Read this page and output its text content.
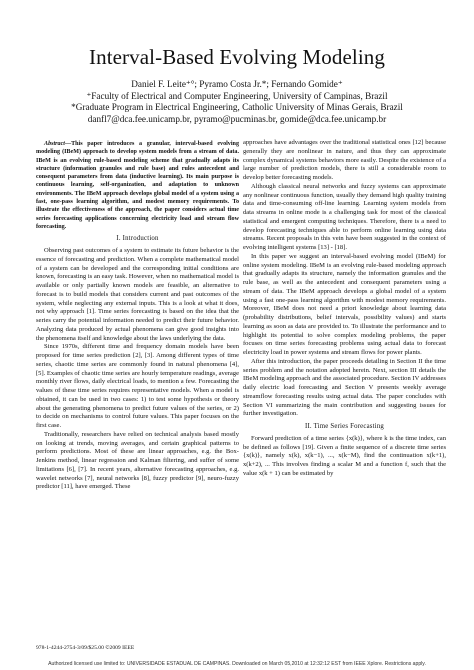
Interval-Based Evolving Modeling
Daniel F. Leite⁺°; Pyramo Costa Jr.*; Fernando Gomide⁺
⁺Faculty of Electrical and Computer Engineering, University of Campinas, Brazil
*Graduate Program in Electrical Engineering, Catholic University of Minas Gerais, Brazil
danfl7@dca.fee.unicamp.br, pyramo@pucminas.br, gomide@dca.fee.unicamp.br

Abstract—This paper introduces a granular, interval-based evolving modeling (IBeM) approach to develop system models from a stream of data. IBeM is an evolving rule-based modeling scheme that gradually adapts its structure (information granules and rule base) and rules antecedent and consequent parameters from data (inductive learning). Its main purpose is continuous learning, self-organization, and adaptation to unknown environments. The IBeM approach develops global model of a system using a fast, one-pass learning algorithm, and modest memory requirements. To illustrate the effectiveness of the approach, the paper considers actual time series forecasting applications concerning electricity load and stream flow forecasting.

I. Introduction

Observing past outcomes of a system to estimate its future behavior is the essence of forecasting and prediction. When a complete mathematical model of a system can be developed and the corresponding initial conditions are known, forecasting is an easy task. However, when no mathematical model is available or only partially known models are feasible, an alternative to forecast is to build models that considers current and past outcomes of the system, while neglecting any external inputs. This is a look at what it does, not why approach [1]. Time series forecasting is based on the idea that the series carry the potential information needed to predict their future behavior. Analyzing data produced by actual phenomena can give good insights into the phenomena itself and knowledge about the laws underlying the data.

Since 1970s, different time and frequency domain models have been proposed for time series prediction [2], [3]. Among different types of time series, chaotic time series are commonly found in natural phenomena [4], [5]. Examples of chaotic time series are hourly temperature readings, average monthly river flows, daily electrical loads, to mention a few. Forecasting the values of these time series requires representative models. When a model is obtained, it can be used in two cases: 1) to test some hypothesis or theory about the generating phenomena to predict future values of the series, or 2) to decide on mechanisms to control future values. This paper focuses on the first case.

Traditionally, researchers have relied on technical analysis based mostly on looking at trends, moving averages, and certain graphical patterns to perform predictions. Most of these are linear approaches, e.g. the Box-Jenkins method, linear regression and Kalman filtering, and suffer of some limitations [6], [7]. In recent years, alternative forecasting approaches, e.g. wavelet networks [7], neural networks [8], fuzzy predictor [9], neuro-fuzzy predictor [11], have emerged. These

approaches have advantages over the traditional statistical ones [12] because generally they are nonlinear in nature, and thus they can approximate complex dynamical systems behaviors more easily. Despite the existence of a large number of prediction models, there is still a considerable room to develop better forecasting models.

Although classical neural networks and fuzzy systems can approximate any nonlinear continuous function, usually they demand high quality training data and time-consuming off-line learning. Learning system models from data streams in online mode is a challenging task for most of the classical statistical and emergent computing techniques. Therefore, there is a need to develop forecasting techniques able to perform online learning using data streams. Recent proposals in this vein have been suggested in the context of evolving intelligent systems [13] - [18].

In this paper we suggest an interval-based evolving model (IBeM) for online system modeling. IBeM is an evolving rule-based modeling approach that gradually adapts its structure, namely the information granules and the rule base, as well as the antecedent and consequent parameters using a stream of data. The IBeM approach develops a global model of a system using a fast one-pass learning algorithm with modest memory requirements. Moreover, IBeM does not need a priori knowledge about learning data (probability distributions, belief intervals, possibility values) and starts learning as soon as data are provided to. To illustrate the performance and to highlight its potential to solve complex modeling problems, the paper focuses on time series forecasting problems using actual data to forecast electricity load in power systems and stream flows for power plants.

After this introduction, the paper proceeds detailing in Section II the time series problem and the notation adopted herein. Next, section III details the IBeM modeling approach and the associated procedure. Section IV addresses daily electric load forecasting and Section V presents weekly average streamflow forecasting results using actual data. The paper concludes with Section VI summarizing the main contribution and suggesting issues for further investigation.

II. Time Series Forecasting

Forward prediction of a time series {x(k)}, where k is the time index, can be defined as follows [19]. Given a finite sequence of a discrete time series {x(k)}, namely x(k), x(k−1), ..., x(k−M), find the continuation x(k+1), x(k+2), ... This involves finding a scalar M and a function f, such that the value x(k + 1) can be estimated by

978-1-4244-2754-3/09/$25.00 ©2009 IEEE
Authorized licensed use limited to: UNIVERSIDADE ESTADUAL DE CAMPINAS. Downloaded on March 05,2010 at 12:32:12 EST from IEEE Xplore. Restrictions apply.
